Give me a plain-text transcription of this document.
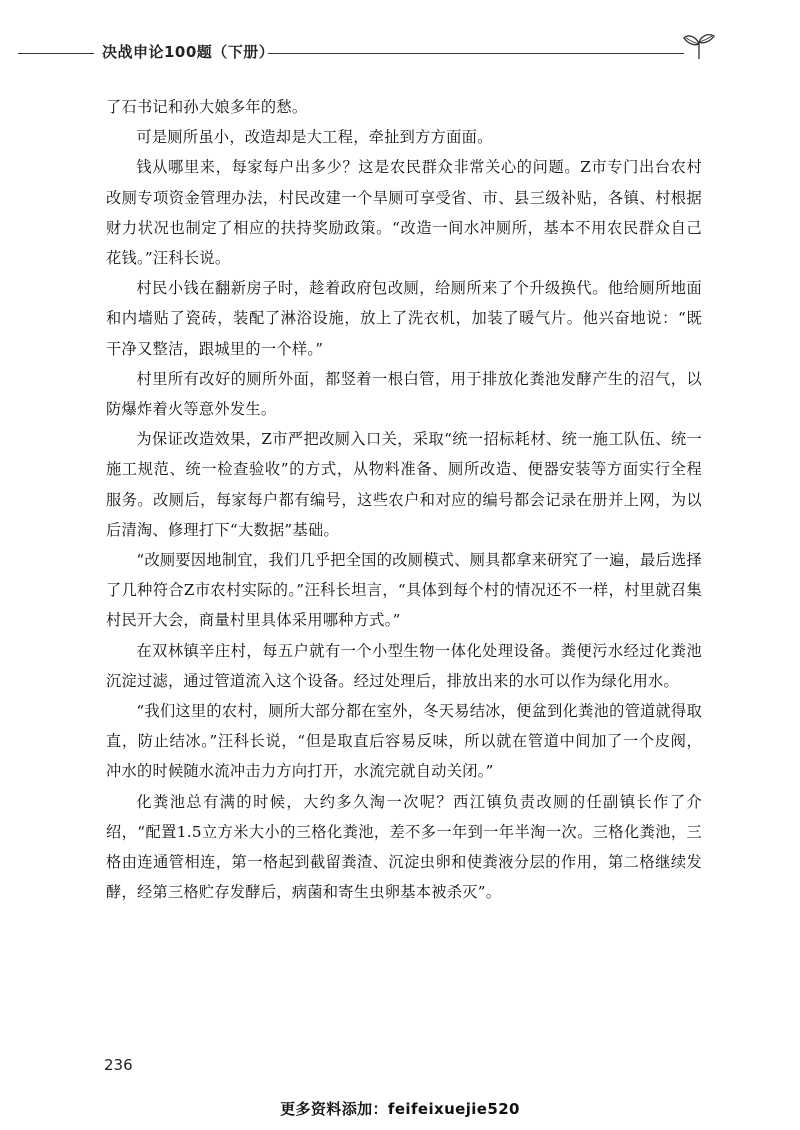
决战申论100题（下册）

了石书记和孙大娘多年的愁。

可是厕所虽小，改造却是大工程，牵扯到方方面面。

钱从哪里来，每家每户出多少？这是农民群众非常关心的问题。Z市专门出台农村改厕专项资金管理办法，村民改建一个旱厕可享受省、市、县三级补贴，各镇、村根据财力状况也制定了相应的扶持奖励政策。“改造一间水冲厕所，基本不用农民群众自己花钱。”汪科长说。

村民小钱在翻新房子时，趁着政府包改厕，给厕所来了个升级换代。他给厕所地面和内墙贴了瓷砖，装配了淋浴设施，放上了洗衣机，加装了暖气片。他兴奋地说：“既干净又整洁，跟城里的一个样。”

村里所有改好的厕所外面，都竖着一根白管，用于排放化粪池发酵产生的沼气，以防爆炸着火等意外发生。

为保证改造效果，Z市严把改厕入口关，采取“统一招标耗材、统一施工队伍、统一施工规范、统一检查验收”的方式，从物料准备、厕所改造、便器安装等方面实行全程服务。改厕后，每家每户都有编号，这些农户和对应的编号都会记录在册并上网，为以后清淘、修理打下“大数据”基础。

“改厕要因地制宜，我们几乎把全国的改厕模式、厕具都拿来研究了一遍，最后选择了几种符合Z市农村实际的。”汪科长坦言，“具体到每个村的情况还不一样，村里就召集村民开大会，商量村里具体采用哪种方式。”

在双林镇辛庄村，每五户就有一个小型生物一体化处理设备。粪便污水经过化粪池沉淀过滤，通过管道流入这个设备。经过处理后，排放出来的水可以作为绿化用水。

“我们这里的农村，厕所大部分都在室外，冬天易结冰，便盆到化粪池的管道就得取直，防止结冰。”汪科长说，“但是取直后容易反味，所以就在管道中间加了一个皮阀，冲水的时候随水流冲击力方向打开，水流完就自动关闭。”

化粪池总有满的时候，大约多久淘一次呢？西江镇负责改厕的任副镇长作了介绍，“配置1.5立方米大小的三格化粪池，差不多一年到一年半淘一次。三格化粪池，三格由连通管相连，第一格起到截留粪渣、沉淀虫卵和使粪液分层的作用，第二格继续发酵，经第三格贮存发酵后，病菌和寄生虫卵基本被杀灭”。

236
更多资料添加：feifeixuejie520
